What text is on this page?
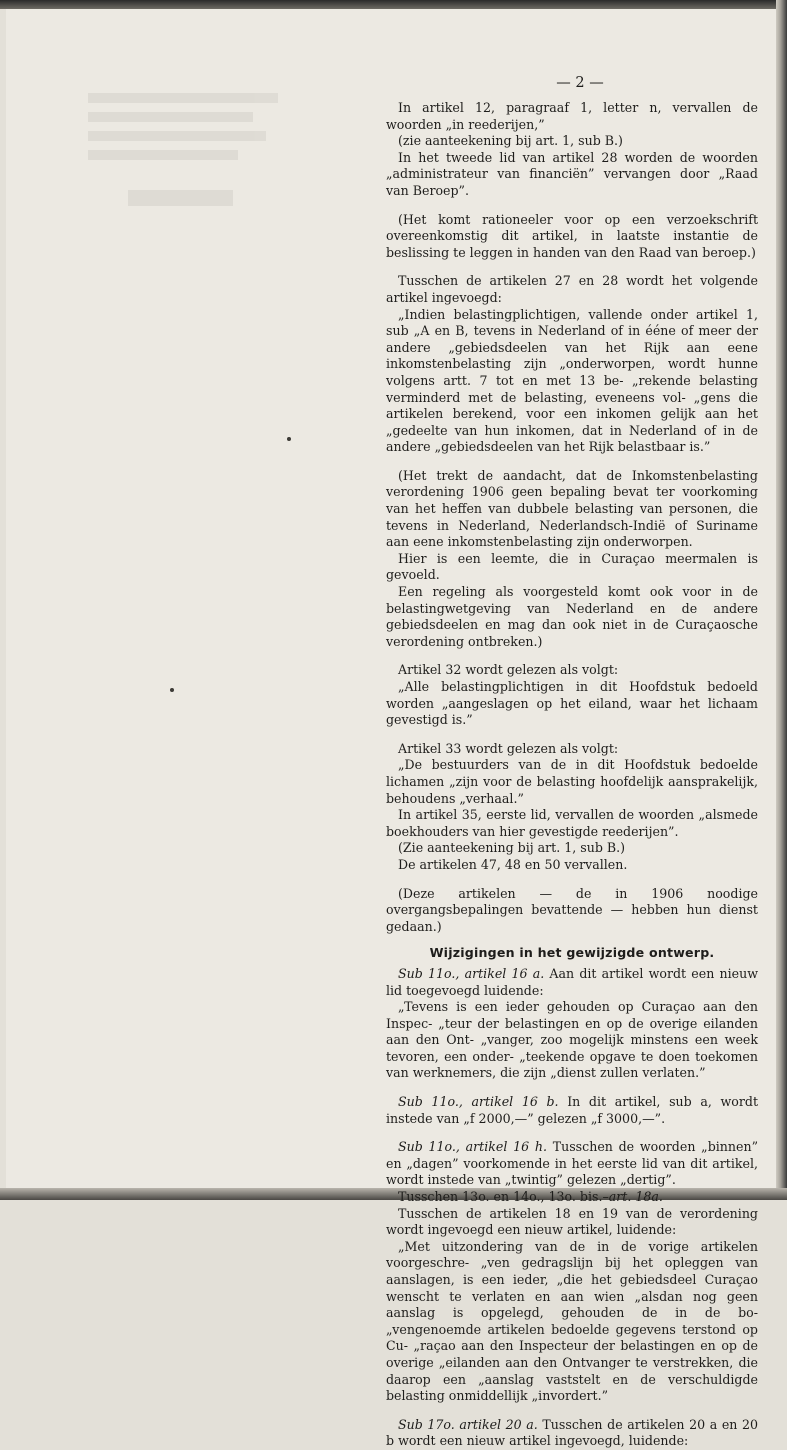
— 2 —

In artikel 12, paragraaf 1, letter n, vervallen de woorden „in reederijen,”

(zie aanteekening bij art. 1, sub B.)

In het tweede lid van artikel 28 worden de woorden „administrateur van financiën” vervangen door „Raad van Beroep”.

(Het komt rationeeler voor op een verzoekschrift overeenkomstig dit artikel, in laatste instantie de beslissing te leggen in handen van den Raad van beroep.)

Tusschen de artikelen 27 en 28 wordt het volgende artikel ingevoegd:

„Indien belastingplichtigen, vallende onder artikel 1, sub „A en B, tevens in Nederland of in ééne of meer der andere „gebiedsdeelen van het Rijk aan eene inkomstenbelasting zijn „onderworpen, wordt hunne volgens artt. 7 tot en met 13 be- „rekende belasting verminderd met de belasting, eveneens vol- „gens die artikelen berekend, voor een inkomen gelijk aan het „gedeelte van hun inkomen, dat in Nederland of in de andere „gebiedsdeelen van het Rijk belastbaar is.”

(Het trekt de aandacht, dat de Inkomstenbelasting verordening 1906 geen bepaling bevat ter voorkoming van het heffen van dubbele belasting van personen, die tevens in Nederland, Nederlandsch-Indië of Suriname aan eene inkomstenbelasting zijn onderworpen.

Hier is een leemte, die in Curaçao meermalen is gevoeld.

Een regeling als voorgesteld komt ook voor in de belastingwetgeving van Nederland en de andere gebiedsdeelen en mag dan ook niet in de Curaçaosche verordening ontbreken.)

Artikel 32 wordt gelezen als volgt:

„Alle belastingplichtigen in dit Hoofdstuk bedoeld worden „aangeslagen op het eiland, waar het lichaam gevestigd is.”

Artikel 33 wordt gelezen als volgt:

„De bestuurders van de in dit Hoofdstuk bedoelde lichamen „zijn voor de belasting hoofdelijk aansprakelijk, behoudens „verhaal.”

In artikel 35, eerste lid, vervallen de woorden „alsmede boekhouders van hier gevestigde reederijen”.

(Zie aanteekening bij art. 1, sub B.)

De artikelen 47, 48 en 50 vervallen.

(Deze artikelen — de in 1906 noodige overgangsbepalingen bevattende — hebben hun dienst gedaan.)

Wijzigingen in het gewijzigde ontwerp.

Sub 11o., artikel 16 a. Aan dit artikel wordt een nieuw lid toegevoegd luidende:

„Tevens is een ieder gehouden op Curaçao aan den Inspec- „teur der belastingen en op de overige eilanden aan den Ont- „vanger, zoo mogelijk minstens een week tevoren, een onder- „teekende opgave te doen toekomen van werknemers, die zijn „dienst zullen verlaten.”

Sub 11o., artikel 16 b. In dit artikel, sub a, wordt instede van „f 2000,—” gelezen „f 3000,—”.

Sub 11o., artikel 16 h. Tusschen de woorden „binnen” en „dagen” voorkomende in het eerste lid van dit artikel, wordt instede van „twintig” gelezen „dertig”.

Tusschen 13o. en 14o., 13o. bis.–art. 18a.

Tusschen de artikelen 18 en 19 van de verordening wordt ingevoegd een nieuw artikel, luidende:

„Met uitzondering van de in de vorige artikelen voorgeschre- „ven gedragslijn bij het opleggen van aanslagen, is een ieder, „die het gebiedsdeel Curaçao wenscht te verlaten en aan wien „alsdan nog geen aanslag is opgelegd, gehouden de in de bo- „vengenoemde artikelen bedoelde gegevens terstond op Cu- „raçao aan den Inspecteur der belastingen en op de overige „eilanden aan den Ontvanger te verstrekken, die daarop een „aanslag vaststelt en de verschuldigde belasting onmiddellijk „invordert.”

Sub 17o. artikel 20 a. Tusschen de artikelen 20 a en 20 b wordt een nieuw artikel ingevoegd, luidende:
